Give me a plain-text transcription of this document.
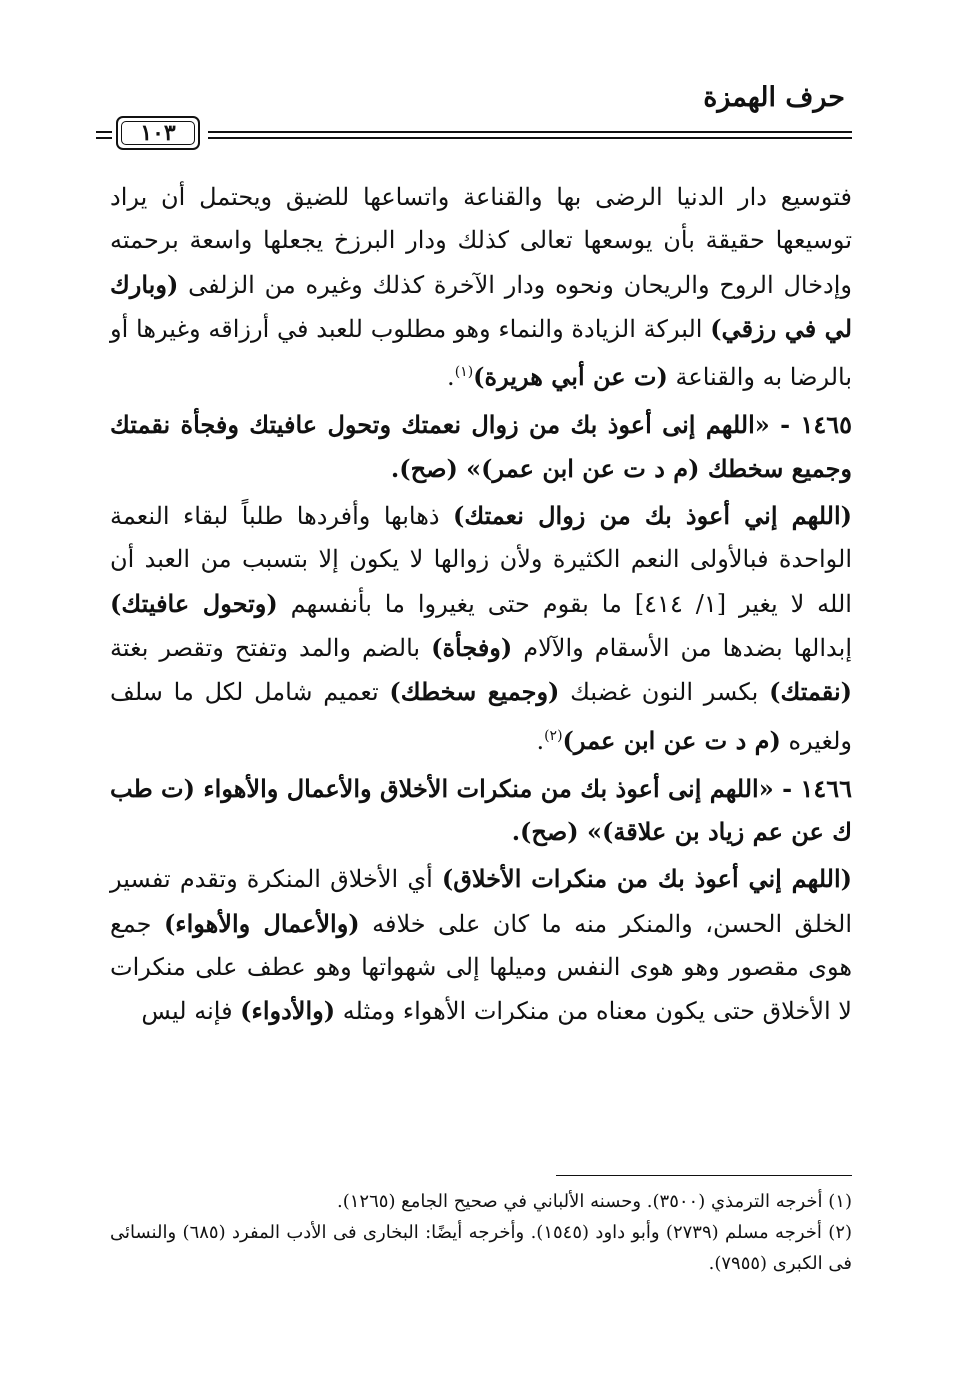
حرف الهمزة
١٠٣

فتوسيع دار الدنيا الرضى بها والقناعة واتساعها للضيق ويحتمل أن يراد توسيعها حقيقة بأن يوسعها تعالى كذلك ودار البرزخ يجعلها واسعة برحمته وإدخال الروح والريحان ونحوه ودار الآخرة كذلك وغيره من الزلفى (وبارك لي في رزقي) البركة الزيادة والنماء وهو مطلوب للعبد في أرزاقه وغيرها أو بالرضا به والقناعة (ت عن أبي هريرة)$^{(١)}$.

١٤٦٥ - «اللهم إنى أعوذ بك من زوال نعمتك وتحول عافيتك وفجأة نقمتك وجميع سخطك (م د ت عن ابن عمر)» (صح).

(اللهم إني أعوذ بك من زوال نعمتك) ذهابها وأفردها طلباً لبقاء النعمة الواحدة فبالأولى النعم الكثيرة ولأن زوالها لا يكون إلا بتسبب من العبد أن الله لا يغير [١/ ٤١٤] ما بقوم حتى يغيروا ما بأنفسهم (وتحول عافيتك) إبدالها بضدها من الأسقام والآلام (وفجأة) بالضم والمد وتفتح وتقصر بغتة (نقمتك) بكسر النون غضبك (وجميع سخطك) تعميم شامل لكل ما سلف ولغيره (م د ت عن ابن عمر)$^{(٢)}$.

١٤٦٦ - «اللهم إنى أعوذ بك من منكرات الأخلاق والأعمال والأهواء (ت طب ك عن عم زياد بن علاقة)» (صح).

(اللهم إني أعوذ بك من منكرات الأخلاق) أي الأخلاق المنكرة وتقدم تفسير الخلق الحسن، والمنكر منه ما كان على خلافه (والأعمال والأهواء) جمع هوى مقصور وهو هوى النفس وميلها إلى شهواتها وهو عطف على منكرات لا الأخلاق حتى يكون معناه من منكرات الأهواء ومثله (والأدواء) فإنه ليس

(١) أخرجه الترمذي (٣٥٠٠). وحسنه الألباني في صحيح الجامع (١٢٦٥).

(٢) أخرجه مسلم (٢٧٣٩) وأبو داود (١٥٤٥). وأخرجه أيضًا: البخارى فى الأدب المفرد (٦٨٥) والنسائى فى الكبرى (٧٩٥٥).
